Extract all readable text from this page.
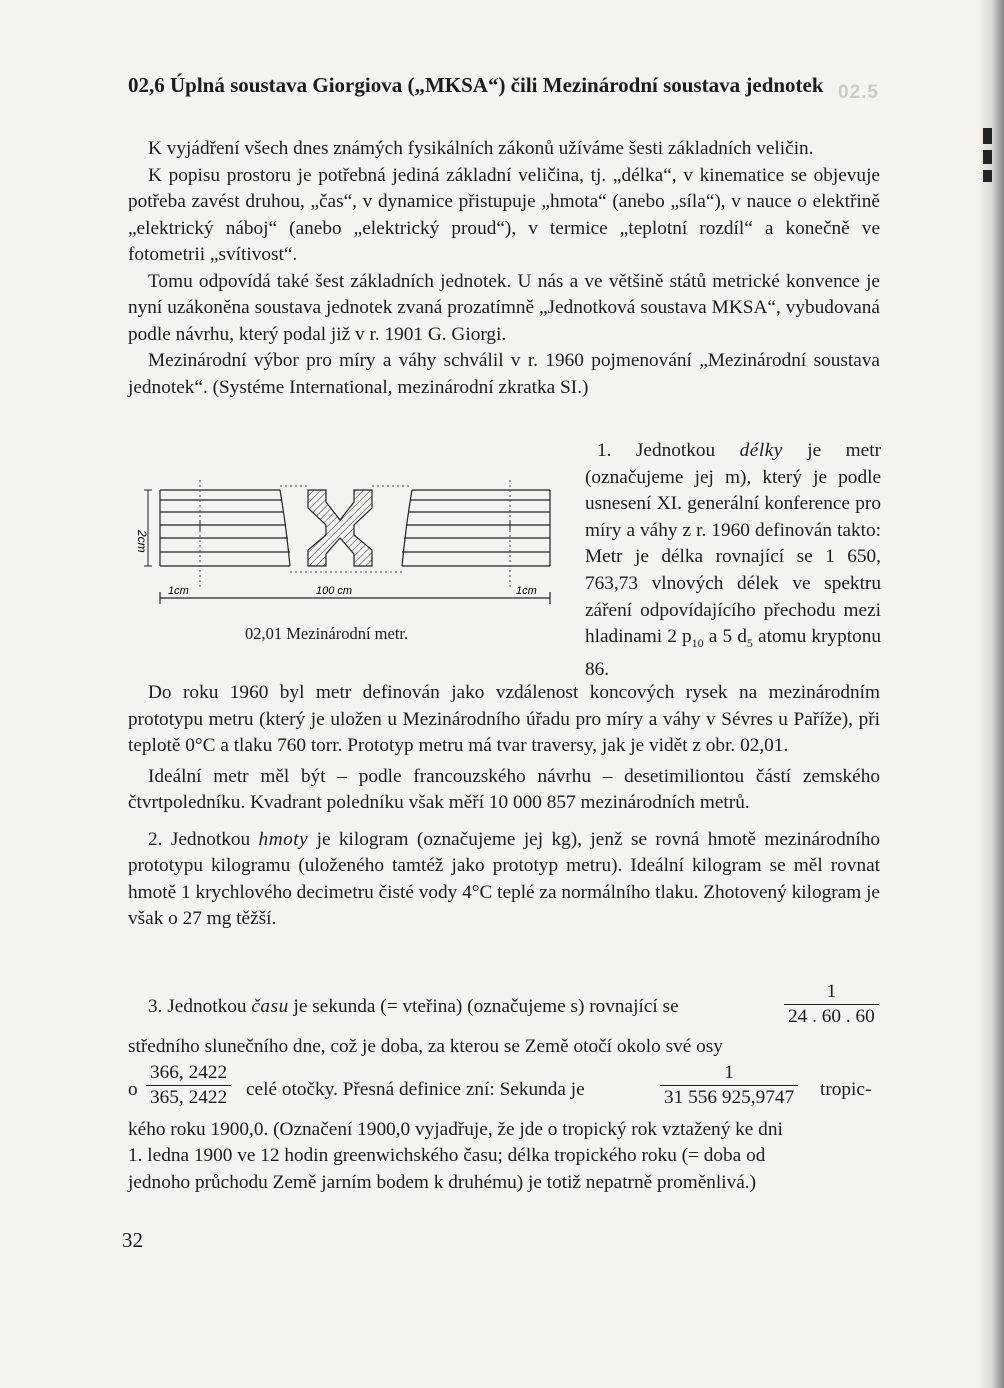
02.5
02,6 Úplná soustava Giorgiova („MKSA“) čili Mezinárodní soustava jednotek

K vyjádření všech dnes známých fysikálních zákonů užíváme šesti základních veličin.

K popisu prostoru je potřebná jediná základní veličina, tj. „délka“, v kinematice se objevuje potřeba zavést druhou, „čas“, v dynamice přistupuje „hmota“ (anebo „síla“), v nauce o elektřině „elektrický náboj“ (anebo „elektrický proud“), v termice „teplotní rozdíl“ a konečně ve fotometrii „svítivost“.

Tomu odpovídá také šest základních jednotek. U nás a ve většině států metrické konvence je nyní uzákoněna soustava jednotek zvaná prozatímně „Jednotková soustava MKSA“, vybudovaná podle návrhu, který podal již v r. 1901 G. Giorgi.

Mezinárodní výbor pro míry a váhy schválil v r. 1960 pojmenování „Mezinárodní soustava jednotek“. (Systéme International, mezinárodní zkratka SI.)

1. Jednotkou délky je metr (označujeme jej m), který je podle usnesení XI. generální konference pro míry a váhy z r. 1960 definován takto: Metr je délka rovnající se 1 650, 763,73 vlnových délek ve spektru záření odpovídajícího přechodu mezi hladinami 2 $p_{10}$ a 5 $d_5$ atomu kryptonu 86.

2cm
1cm	100 cm	1cm
02,01 Mezinárodní metr.

Do roku 1960 byl metr definován jako vzdálenost koncových rysek na mezinárodním prototypu metru (který je uložen u Mezinárodního úřadu pro míry a váhy v Sévres u Paříže), při teplotě 0°C a tlaku 760 torr. Prototyp metru má tvar traversy, jak je vidět z obr. 02,01.

Ideální metr měl být – podle francouzského návrhu – desetimiliontou částí zemského čtvrtpoledníku. Kvadrant poledníku však měří 10 000 857 mezinárodních metrů.

2. Jednotkou hmoty je kilogram (označujeme jej kg), jenž se rovná hmotě mezinárodního prototypu kilogramu (uloženého tamtéž jako prototyp metru). Ideální kilogram se měl rovnat hmotě 1 krychlového decimetru čisté vody 4°C teplé za normálního tlaku. Zhotovený kilogram je však o 27 mg těžší.

3. Jednotkou času je sekunda (= vteřina) (označujeme s) rovnající se	$\frac{1}{24 . 60 . 60}$
středního slunečního dne, což je doba, za kterou se Země otočí okolo své osy
o $\frac{366, 2422}{365, 2422}$ celé otočky. Přesná definice zní: Sekunda je	$\frac{1}{31 556 925,9747}$ tropic-
kého roku 1900,0. (Označení 1900,0 vyjadřuje, že jde o tropický rok vztažený ke dni
1. ledna 1900 ve 12 hodin greenwichského času; délka tropického roku (= doba od
jednoho průchodu Země jarním bodem k druhému) je totiž nepatrně proměnlivá.)
32
